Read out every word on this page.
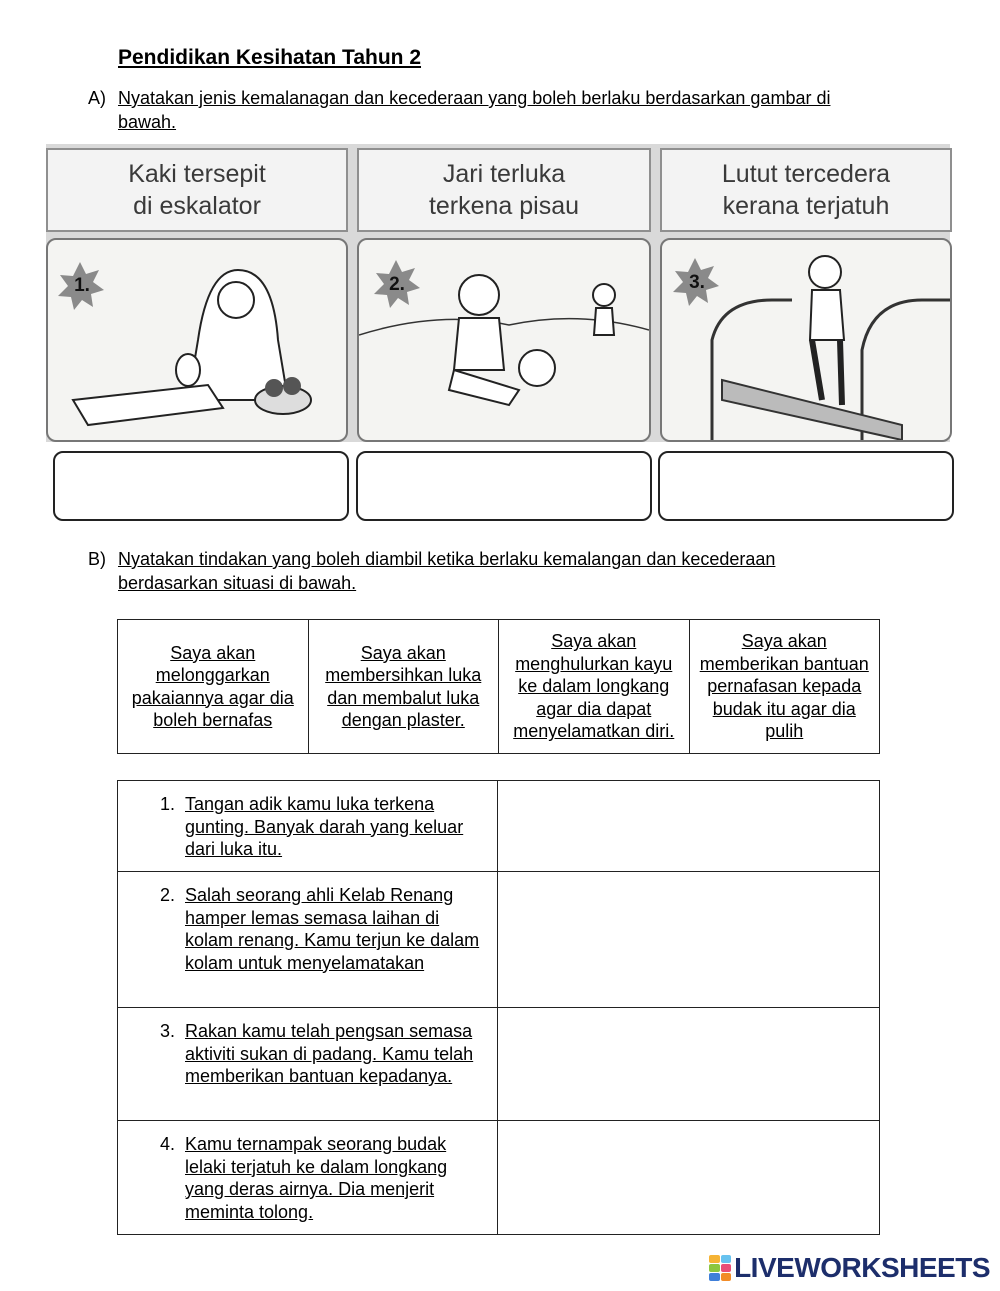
Pendidikan Kesihatan Tahun 2
A) Nyatakan jenis kemalanagan dan kecederaan yang boleh berlaku berdasarkan gambar di bawah.
Kaki tersepit
di eskalator
Jari terluka
terkena pisau
Lutut tercedera
kerana terjatuh
1.	2.	3.
B) Nyatakan tindakan yang boleh diambil ketika berlaku kemalangan dan kecederaan berdasarkan situasi di bawah.
Saya akan melonggarkan pakaiannya agar dia boleh bernafas	Saya akan membersihkan luka dan membalut luka dengan plaster.	Saya akan menghulurkan kayu ke dalam longkang agar dia dapat menyelamatkan diri.	Saya akan memberikan bantuan pernafasan kepada budak itu agar dia pulih
1. Tangan adik kamu luka terkena gunting. Banyak darah yang keluar dari luka itu.	

2. Salah seorang ahli Kelab Renang hamper lemas semasa laihan di kolam renang. Kamu terjun ke dalam kolam untuk menyelamatakan	

3. Rakan kamu telah pengsan semasa aktiviti sukan di padang. Kamu telah memberikan bantuan kepadanya.	

4. Kamu ternampak seorang budak lelaki terjatuh ke dalam longkang yang deras airnya. Dia menjerit meminta tolong.	

LIVEWORKSHEETS
